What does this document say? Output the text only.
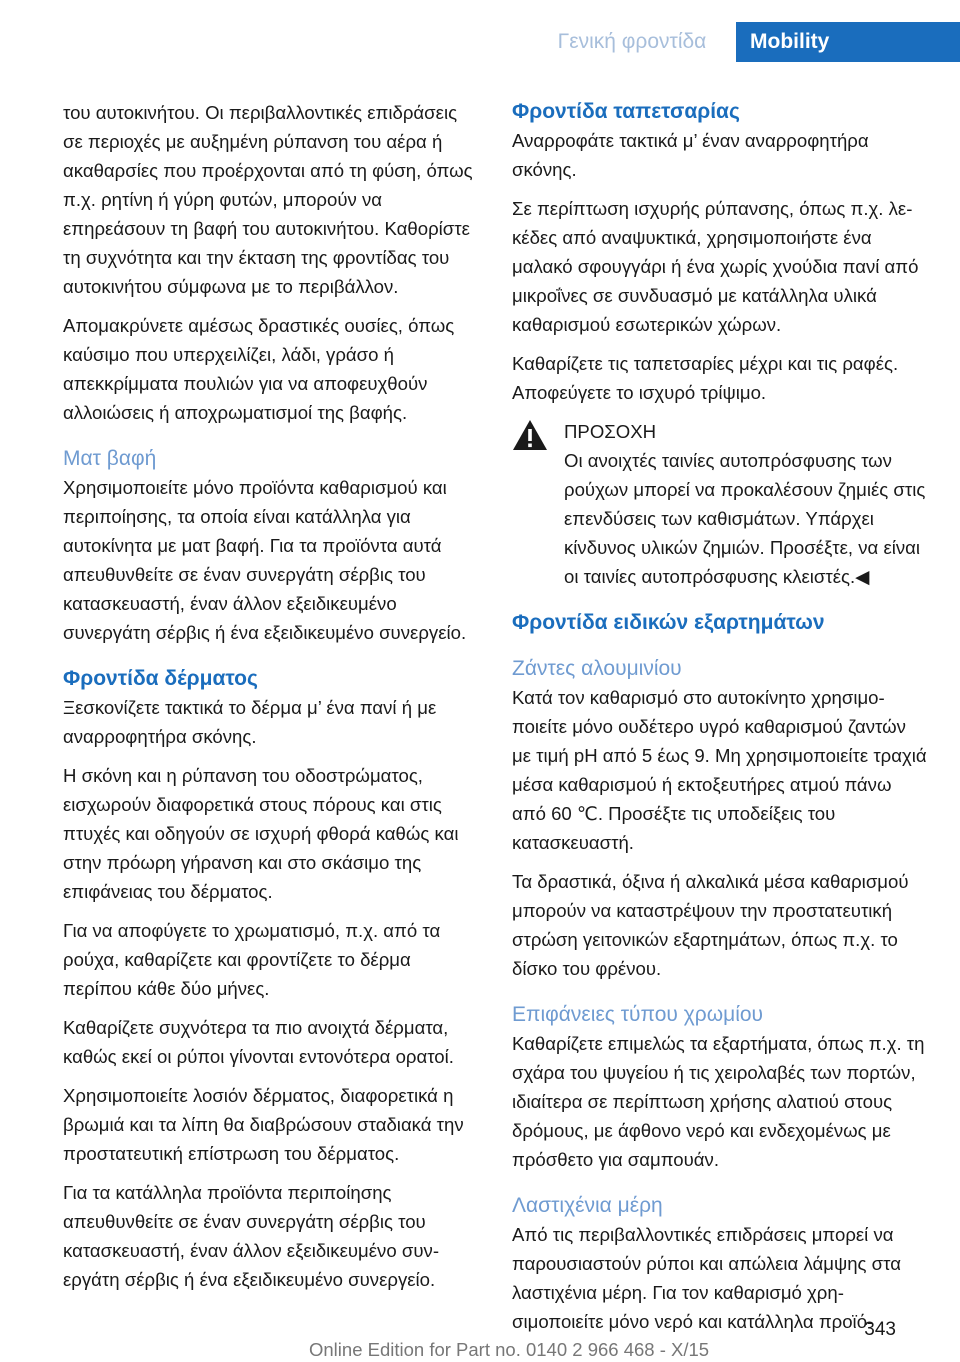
Γενική φροντίδα	Mobility

του αυτοκινήτου. Οι περιβαλλοντικές επιδράσεις σε περιοχές με αυξημένη ρύπανση του αέρα ή ακαθαρσίες που προέρχονται από τη φύση, όπως π.χ. ρητίνη ή γύρη φυτών, μπορούν να επηρεάσουν τη βαφή του αυτοκινήτου. Καθορίστε τη συχνότητα και την έκταση της φροντίδας του αυτοκινήτου σύμφωνα με το περιβάλλον.

Απομακρύνετε αμέσως δραστικές ουσίες, όπως καύσιμο που υπερχειλίζει, λάδι, γράσο ή απεκκρίμματα πουλιών για να αποφευχθούν αλλοιώσεις ή αποχρωματισμοί της βαφής.

Ματ βαφή

Χρησιμοποιείτε μόνο προϊόντα καθαρισμού και περιποίησης, τα οποία είναι κατάλληλα για αυτοκίνητα με ματ βαφή. Για τα προϊόντα αυτά απευθυνθείτε σε έναν συνεργάτη σέρβις του κατασκευαστή, έναν άλλον εξειδικευμένο συνεργάτη σέρβις ή ένα εξειδικευμένο συνεργείο.

Φροντίδα δέρματος

Ξεσκονίζετε τακτικά το δέρμα μ’ ένα πανί ή με αναρροφητήρα σκόνης.

Η σκόνη και η ρύπανση του οδοστρώματος, εισχωρούν διαφορετικά στους πόρους και στις πτυχές και οδηγούν σε ισχυρή φθορά καθώς και στην πρόωρη γήρανση και στο σκάσιμο της επιφάνειας του δέρματος.

Για να αποφύγετε το χρωματισμό, π.χ. από τα ρούχα, καθαρίζετε και φροντίζετε το δέρμα περίπου κάθε δύο μήνες.

Καθαρίζετε συχνότερα τα πιο ανοιχτά δέρματα, καθώς εκεί οι ρύποι γίνονται εντονότερα ορατοί.

Χρησιμοποιείτε λοσιόν δέρματος, διαφορετικά η βρωμιά και τα λίπη θα διαβρώσουν σταδιακά την προστατευτική επίστρωση του δέρματος.

Για τα κατάλληλα προϊόντα περιποίησης απευθυνθείτε σε έναν συνεργάτη σέρβις του κατασκευαστή, έναν άλλον εξειδικευμένο συνεργάτη σέρβις ή ένα εξειδικευμένο συνεργείο.

Φροντίδα ταπετσαρίας

Αναρροφάτε τακτικά μ’ έναν αναρροφητήρα σκόνης.

Σε περίπτωση ισχυρής ρύπανσης, όπως π.χ. λεκέδες από αναψυκτικά, χρησιμοποιήστε ένα μαλακό σφουγγάρι ή ένα χωρίς χνούδια πανί από μικροΐνες σε συνδυασμό με κατάλληλα υλικά καθαρισμού εσωτερικών χώρων.

Καθαρίζετε τις ταπετσαρίες μέχρι και τις ραφές. Αποφεύγετε το ισχυρό τρίψιμο.

ΠΡΟΣΟΧΗ

Οι ανοιχτές ταινίες αυτοπρόσφυσης των ρούχων μπορεί να προκαλέσουν ζημιές στις επενδύσεις των καθισμάτων. Υπάρχει κίνδυνος υλικών ζημιών. Προσέξτε, να είναι οι ταινίες αυτοπρόσφυσης κλειστές.◀

Φροντίδα ειδικών εξαρτημάτων
Ζάντες αλουμινίου

Κατά τον καθαρισμό στο αυτοκίνητο χρησιμοποιείτε μόνο ουδέτερο υγρό καθαρισμού ζαντών με τιμή pH από 5 έως 9. Μη χρησιμοποιείτε τραχιά μέσα καθαρισμού ή εκτοξευτήρες ατμού πάνω από 60 ℃. Προσέξτε τις υποδείξεις του κατασκευαστή.

Τα δραστικά, όξινα ή αλκαλικά μέσα καθαρισμού μπορούν να καταστρέψουν την προστατευτική στρώση γειτονικών εξαρτημάτων, όπως π.χ. το δίσκο του φρένου.

Επιφάνειες τύπου χρωμίου

Καθαρίζετε επιμελώς τα εξαρτήματα, όπως π.χ. τη σχάρα του ψυγείου ή τις χειρολαβές των πορτών, ιδιαίτερα σε περίπτωση χρήσης αλατιού στους δρόμους, με άφθονο νερό και ενδεχομένως με πρόσθετο για σαμπουάν.

Λαστιχένια μέρη

Από τις περιβαλλοντικές επιδράσεις μπορεί να παρουσιαστούν ρύποι και απώλεια λάμψης στα λαστιχένια μέρη. Για τον καθαρισμό χρησιμοποιείτε μόνο νερό και κατάλληλα προϊό-

343
Online Edition for Part no. 0140 2 966 468 - X/15
